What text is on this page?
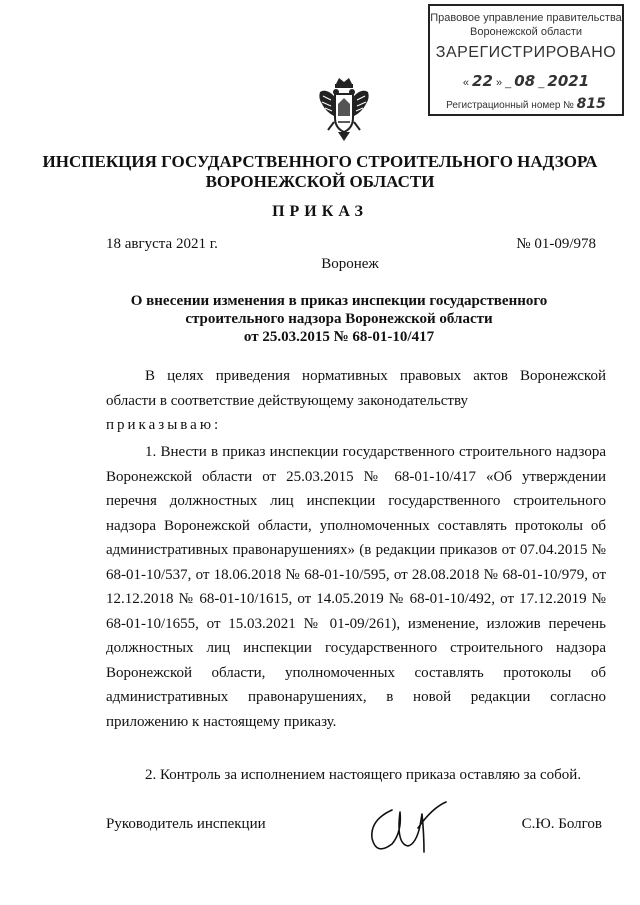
Правовое управление правительства
Воронежской области
ЗАРЕГИСТРИРОВАНО
« 22 » _ 08 _ 2021
Регистрационный номер № 815
ИНСПЕКЦИЯ ГОСУДАРСТВЕННОГО СТРОИТЕЛЬНОГО НАДЗОРА
ВОРОНЕЖСКОЙ ОБЛАСТИ
ПРИКАЗ
18 августа 2021 г.	№ 01-09/978
Воронеж
О внесении изменения в приказ инспекции государственного
строительного надзора Воронежской области
от 25.03.2015 № 68-01-10/417
В целях приведения нормативных правовых актов Воронежской области в соответствие действующему законодательству
приказываю:
1. Внести в приказ инспекции государственного строительного надзора Воронежской области от 25.03.2015 № 68-01-10/417 «Об утверждении перечня должностных лиц инспекции государственного строительного надзора Воронежской области, уполномоченных составлять протоколы об административных правонарушениях» (в редакции приказов от 07.04.2015 № 68-01-10/537, от 18.06.2018 № 68-01-10/595, от 28.08.2018 № 68-01-10/979, от 12.12.2018 № 68-01-10/1615, от 14.05.2019 № 68-01-10/492, от 17.12.2019 № 68-01-10/1655, от 15.03.2021 № 01-09/261), изменение, изложив перечень должностных лиц инспекции государственного строительного надзора Воронежской области, уполномоченных составлять протоколы об административных правонарушениях, в новой редакции согласно приложению к настоящему приказу.
2. Контроль за исполнением настоящего приказа оставляю за собой.
Руководитель инспекции	С.Ю. Болгов
